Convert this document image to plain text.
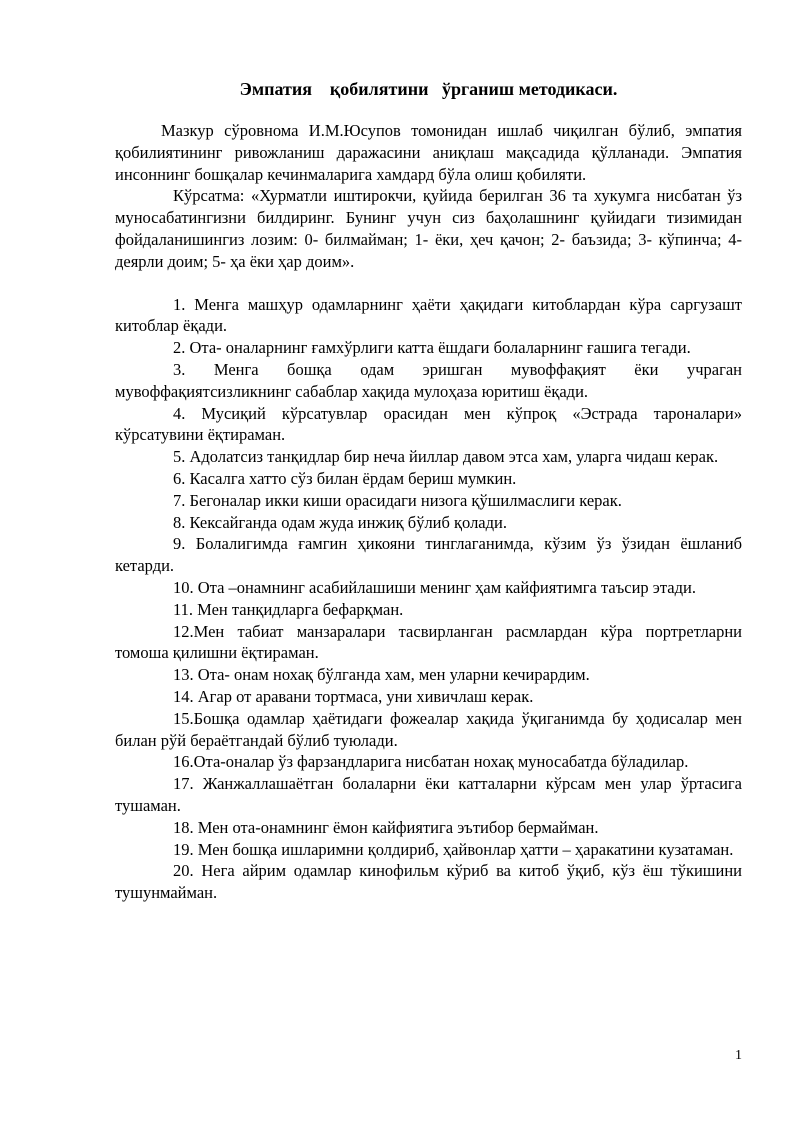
Эмпатия    қобилятини   ўрганиш методикаси.

Мазкур сўровнома И.М.Юсупов томонидан ишлаб чиқилган бўлиб, эмпатия қобилиятининг ривожланиш даражасини аниқлаш мақсадида қўлланади. Эмпатия инсоннинг бошқалар кечинмаларига хамдард бўла олиш қобиляти.

Кўрсатма: «Хурматли иштирокчи, қуйида берилган 36 та хукумга нисбатан ўз муносабатингизни билдиринг. Бунинг учун сиз баҳолашнинг қуйидаги тизимидан фойдаланишингиз лозим: 0- билмайман; 1- ёки, ҳеч қачон; 2- баъзида; 3- кўпинча; 4- деярли доим; 5- ҳа ёки ҳар доим».

1. Менга машҳур одамларнинг ҳаёти ҳақидаги китоблардан кўра саргузашт китоблар ёқади.

2. Ота- оналарнинг ғамхўрлиги катта ёшдаги болаларнинг ғашига тегади.

3. Менга бошқа одам эришган мувоффақият ёки учраган мувоффақиятсизликнинг сабаблар хақида мулоҳаза юритиш ёқади.

4. Мусиқий кўрсатувлар орасидан мен кўпроқ «Эстрада тароналари» кўрсатувини ёқтираман.

5. Адолатсиз танқидлар бир неча йиллар давом этса хам, уларга чидаш керак.

6. Касалга хатто сўз билан ёрдам бериш мумкин.

7. Бегоналар икки киши орасидаги низога қўшилмаслиги керак.

8. Кексайганда одам жуда инжиқ бўлиб қолади.

9. Болалигимда ғамгин ҳикояни тинглаганимда, кўзим ўз ўзидан ёшланиб кетарди.

10. Ота –онамнинг асабийлашиши менинг ҳам кайфиятимга таъсир этади.

11. Мен танқидларга бефарқман.

12.Мен табиат манзаралари тасвирланган расмлардан кўра портретларни томоша қилишни ёқтираман.

13. Ота- онам нохақ бўлганда хам, мен уларни кечирардим.

14. Агар от аравани тортмаса, уни хивичлаш керак.

15.Бошқа одамлар ҳаётидаги фожеалар хақида ўқиганимда бу ҳодисалар мен билан рўй бераётгандай бўлиб туюлади.

16.Ота-оналар ўз фарзандларига нисбатан нохақ муносабатда бўладилар.

17. Жанжаллашаётган болаларни ёки катталарни кўрсам мен улар ўртасига тушаман.

18. Мен ота-онамнинг ёмон кайфиятига эътибор бермайман.

19. Мен бошқа ишларимни қолдириб, ҳайвонлар ҳатти – ҳаракатини кузатаман.

20. Нега айрим одамлар кинофильм кўриб ва китоб ўқиб, кўз ёш тўкишини тушунмайман.

1
